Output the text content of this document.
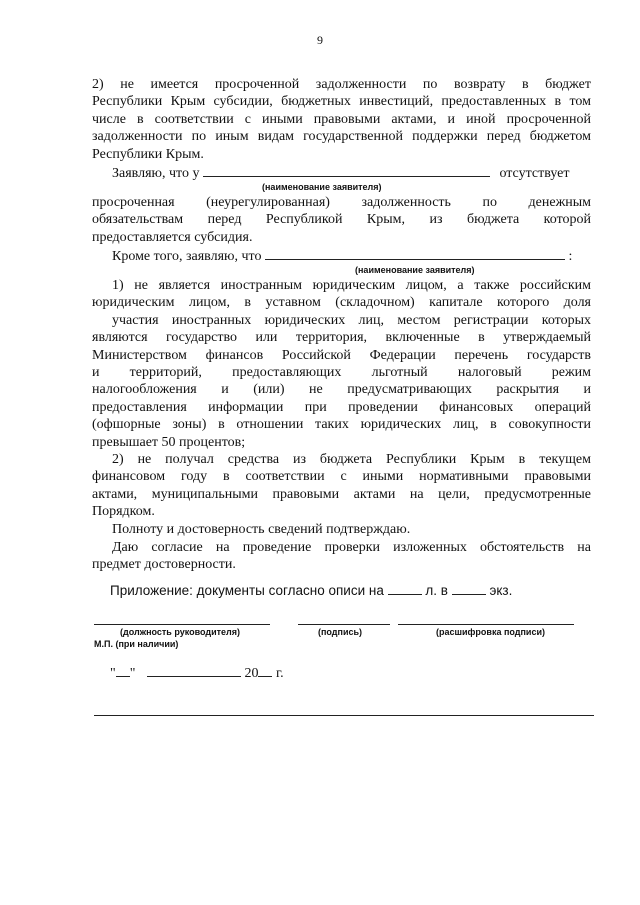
9

2) не имеется просроченной задолженности по возврату в бюджет

Республики Крым субсидии, бюджетных инвестиций, предоставленных в том

числе в соответствии с иными правовыми актами, и иной просроченной

задолженности по иным видам государственной поддержки перед бюджетом

Республики Крым.

Заявляю, что у	отсутствует
(наименование заявителя)

просроченная (неурегулированная) задолженность по денежным

обязательствам перед Республикой Крым, из бюджета которой

предоставляется субсидия.

Кроме того, заявляю, что	:
(наименование заявителя)

1) не является иностранным юридическим лицом, а также российским

юридическим лицом, в уставном (складочном) капитале которого доля

участия иностранных юридических лиц, местом регистрации которых

являются государство или территория, включенные в утверждаемый

Министерством финансов Российской Федерации перечень государств

и территорий, предоставляющих льготный налоговый режим

налогообложения и (или) не предусматривающих раскрытия и

предоставления информации при проведении финансовых операций

(офшорные зоны) в отношении таких юридических лиц, в совокупности

превышает 50 процентов;

2) не получал средства из бюджета Республики Крым в текущем

финансовом году в соответствии с иными нормативными правовыми

актами, муниципальными правовыми актами на цели, предусмотренные

Порядком.

Полноту и достоверность сведений подтверждаю.

Даю согласие на проведение проверки изложенных обстоятельств на

предмет достоверности.

Приложение: документы согласно описи на	л. в	экз.
(должность руководителя)	(подпись)	(расшифровка подписи)
М.П. (при наличии)
" "	20 г.
